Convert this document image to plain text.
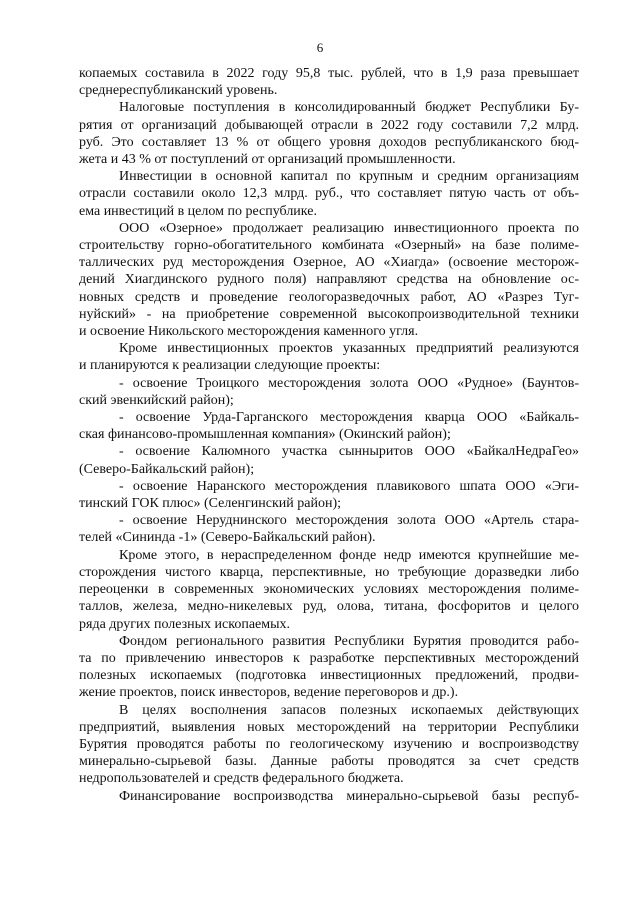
6
копаемых составила в 2022 году 95,8 тыс. рублей, что в 1,9 раза превышает
среднереспубликанский уровень.
Налоговые поступления в консолидированный бюджет Республики Бу-
рятия от организаций добывающей отрасли в 2022 году составили 7,2 млрд.
руб. Это составляет 13 % от общего уровня доходов республиканского бюд-
жета и 43 % от поступлений от организаций промышленности.
Инвестиции в основной капитал по крупным и средним организациям
отрасли составили около 12,3 млрд. руб., что составляет пятую часть от объ-
ема инвестиций в целом по республике.
ООО «Озерное» продолжает реализацию инвестиционного проекта по
строительству горно-обогатительного комбината «Озерный» на базе полиме-
таллических руд месторождения Озерное, АО «Хиагда» (освоение месторож-
дений Хиагдинского рудного поля) направляют средства на обновление ос-
новных средств и проведение геологоразведочных работ, АО «Разрез Туг-
нуйский» - на приобретение современной высокопроизводительной техники
и освоение Никольского месторождения каменного угля.
Кроме инвестиционных проектов указанных предприятий реализуются
и планируются к реализации следующие проекты:
- освоение Троицкого месторождения золота ООО «Рудное» (Баунтов-
ский эвенкийский район);
- освоение Урда-Гарганского месторождения кварца ООО «Байкаль-
ская финансово-промышленная компания» (Окинский район);
- освоение Калюмного участка сынныритов ООО «БайкалНедраГео»
(Северо-Байкальский район);
- освоение Наранского месторождения плавикового шпата ООО «Эги-
тинский ГОК плюс» (Селенгинский район);
- освоение Неруднинского месторождения золота ООО «Артель стара-
телей «Сининда -1» (Северо-Байкальский район).
Кроме этого, в нераспределенном фонде недр имеются крупнейшие ме-
сторождения чистого кварца, перспективные, но требующие доразведки либо
переоценки в современных экономических условиях месторождения полиме-
таллов, железа, медно-никелевых руд, олова, титана, фосфоритов и целого
ряда других полезных ископаемых.
Фондом регионального развития Республики Бурятия проводится рабо-
та по привлечению инвесторов к разработке перспективных месторождений
полезных ископаемых (подготовка инвестиционных предложений, продви-
жение проектов, поиск инвесторов, ведение переговоров и др.).
В целях восполнения запасов полезных ископаемых действующих
предприятий, выявления новых месторождений на территории Республики
Бурятия проводятся работы по геологическому изучению и воспроизводству
минерально-сырьевой базы. Данные работы проводятся за счет средств
недропользователей и средств федерального бюджета.
Финансирование воспроизводства минерально-сырьевой базы респуб-
